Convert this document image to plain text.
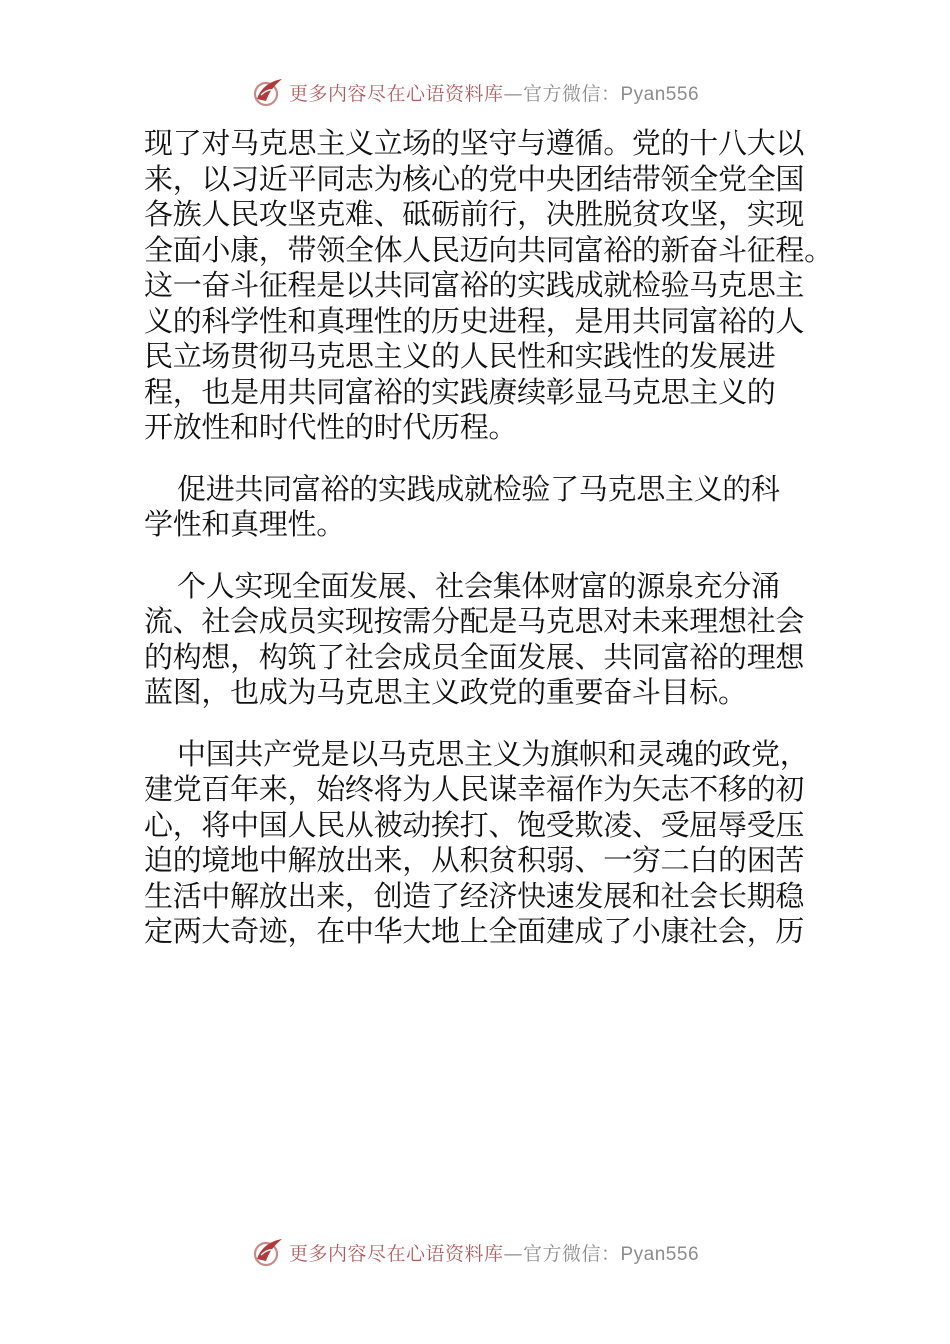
更多内容尽在心语资料库—官方微信：Pyan556

现了对马克思主义立场的坚守与遵循。党的十八大以
来，以习近平同志为核心的党中央团结带领全党全国
各族人民攻坚克难、砥砺前行，决胜脱贫攻坚，实现
全面小康，带领全体人民迈向共同富裕的新奋斗征程。
这一奋斗征程是以共同富裕的实践成就检验马克思主
义的科学性和真理性的历史进程，是用共同富裕的人
民立场贯彻马克思主义的人民性和实践性的发展进
程，也是用共同富裕的实践赓续彰显马克思主义的
开放性和时代性的时代历程。

促进共同富裕的实践成就检验了马克思主义的科
学性和真理性。

个人实现全面发展、社会集体财富的源泉充分涌
流、社会成员实现按需分配是马克思对未来理想社会
的构想，构筑了社会成员全面发展、共同富裕的理想
蓝图，也成为马克思主义政党的重要奋斗目标。

中国共产党是以马克思主义为旗帜和灵魂的政党，
建党百年来，始终将为人民谋幸福作为矢志不移的初
心，将中国人民从被动挨打、饱受欺凌、受屈辱受压
迫的境地中解放出来，从积贫积弱、一穷二白的困苦
生活中解放出来，创造了经济快速发展和社会长期稳
定两大奇迹，在中华大地上全面建成了小康社会，历

更多内容尽在心语资料库—官方微信：Pyan556
